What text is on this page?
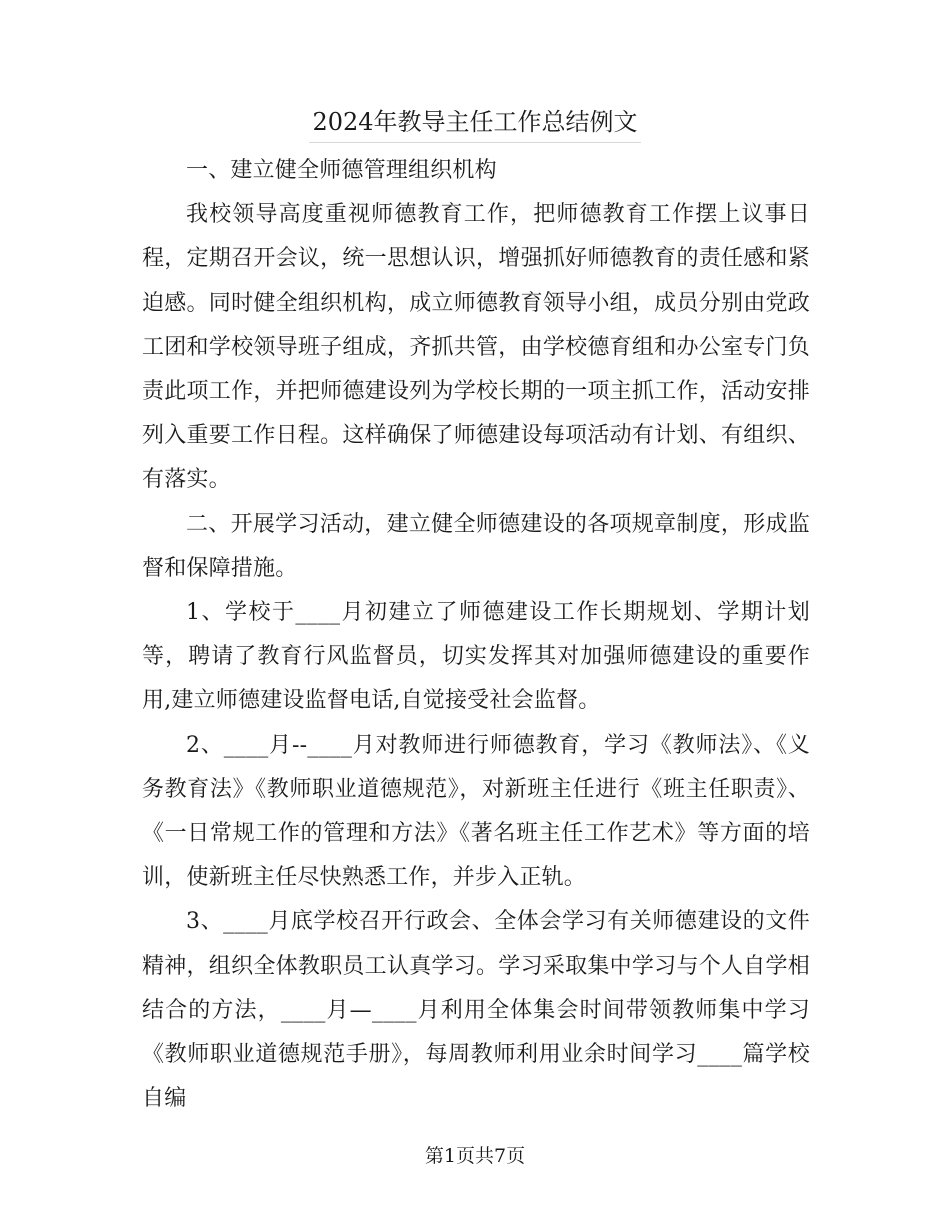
2024年教导主任工作总结例文

一、建立健全师德管理组织机构

我校领导高度重视师德教育工作，把师德教育工作摆上议事日程，定期召开会议，统一思想认识，增强抓好师德教育的责任感和紧迫感。同时健全组织机构，成立师德教育领导小组，成员分别由党政工团和学校领导班子组成，齐抓共管，由学校德育组和办公室专门负责此项工作，并把师德建设列为学校长期的一项主抓工作，活动安排列入重要工作日程。这样确保了师德建设每项活动有计划、有组织、有落实。

二、开展学习活动，建立健全师德建设的各项规章制度，形成监督和保障措施。

1、学校于____月初建立了师德建设工作长期规划、学期计划等，聘请了教育行风监督员，切实发挥其对加强师德建设的重要作用,建立师德建设监督电话,自觉接受社会监督。

2、____月--____月对教师进行师德教育，学习《教师法》、《义务教育法》《教师职业道德规范》，对新班主任进行《班主任职责》、《一日常规工作的管理和方法》《著名班主任工作艺术》等方面的培训，使新班主任尽快熟悉工作，并步入正轨。

3、____月底学校召开行政会、全体会学习有关师德建设的文件精神，组织全体教职员工认真学习。学习采取集中学习与个人自学相结合的方法，____月—____月利用全体集会时间带领教师集中学习《教师职业道德规范手册》，每周教师利用业余时间学习____篇学校自编

第1页共7页
